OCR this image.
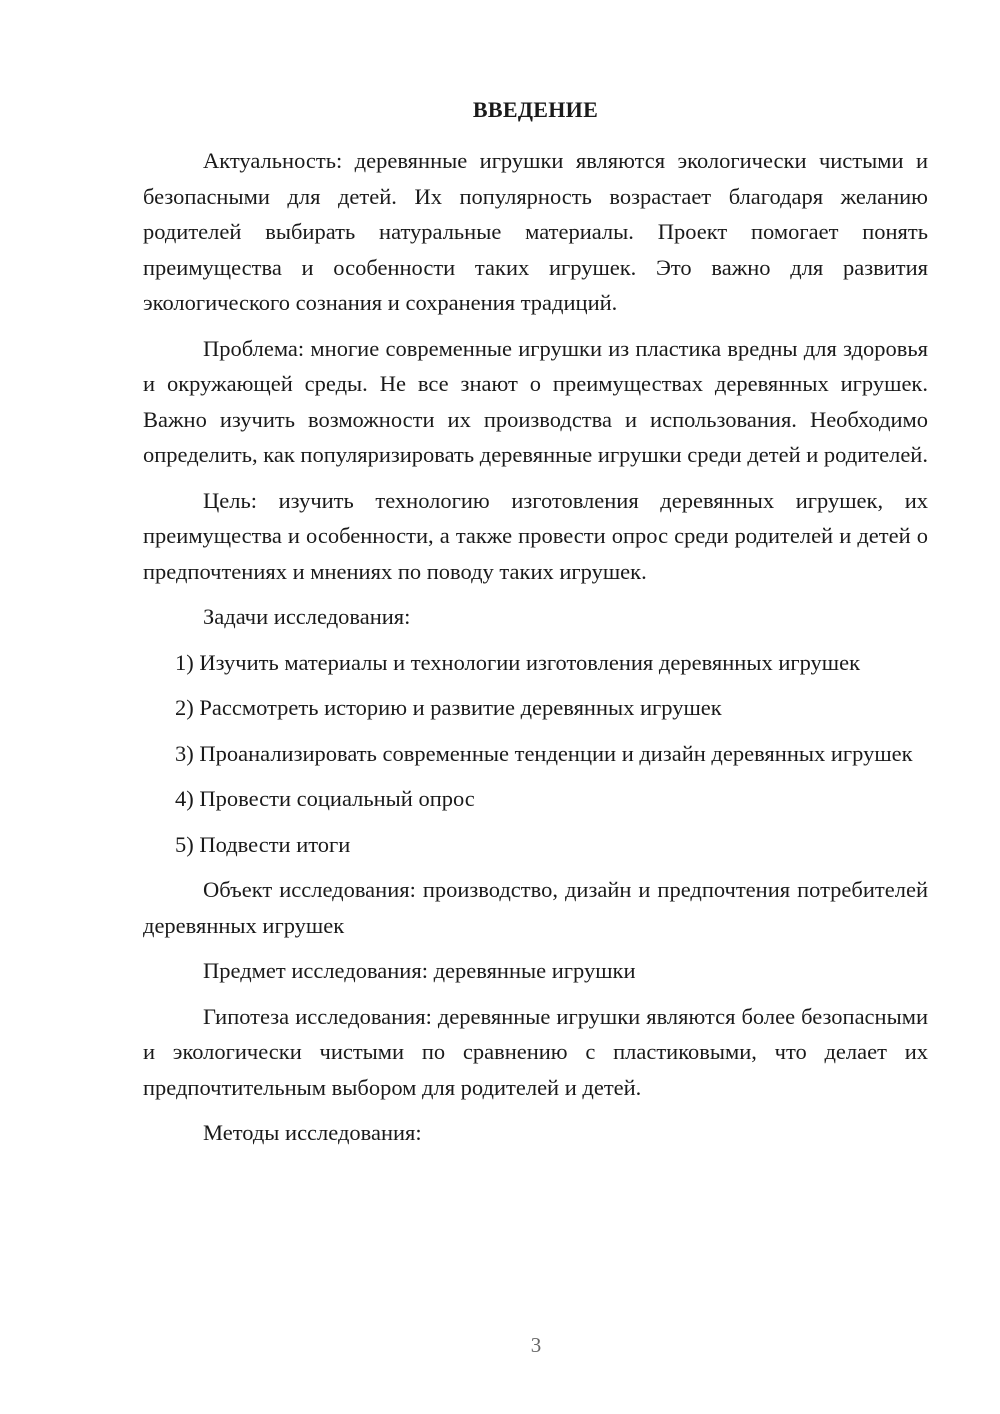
ВВЕДЕНИЕ

Актуальность: деревянные игрушки являются экологически чистыми и безопасными для детей. Их популярность возрастает благодаря желанию родителей выбирать натуральные материалы. Проект помогает понять преимущества и особенности таких игрушек. Это важно для развития экологического сознания и сохранения традиций.

Проблема: многие современные игрушки из пластика вредны для здоровья и окружающей среды. Не все знают о преимуществах деревянных игрушек. Важно изучить возможности их производства и использования. Необходимо определить, как популяризировать деревянные игрушки среди детей и родителей.

Цель: изучить технологию изготовления деревянных игрушек, их преимущества и особенности, а также провести опрос среди родителей и детей о предпочтениях и мнениях по поводу таких игрушек.

Задачи исследования:

1) Изучить материалы и технологии изготовления деревянных игрушек

2) Рассмотреть историю и развитие деревянных игрушек

3) Проанализировать современные тенденции и дизайн деревянных игрушек

4) Провести социальный опрос

5) Подвести итоги

Объект исследования: производство, дизайн и предпочтения потребителей деревянных игрушек

Предмет исследования: деревянные игрушки

Гипотеза исследования: деревянные игрушки являются более безопасными и экологически чистыми по сравнению с пластиковыми, что делает их предпочтительным выбором для родителей и детей.

Методы исследования:

3
